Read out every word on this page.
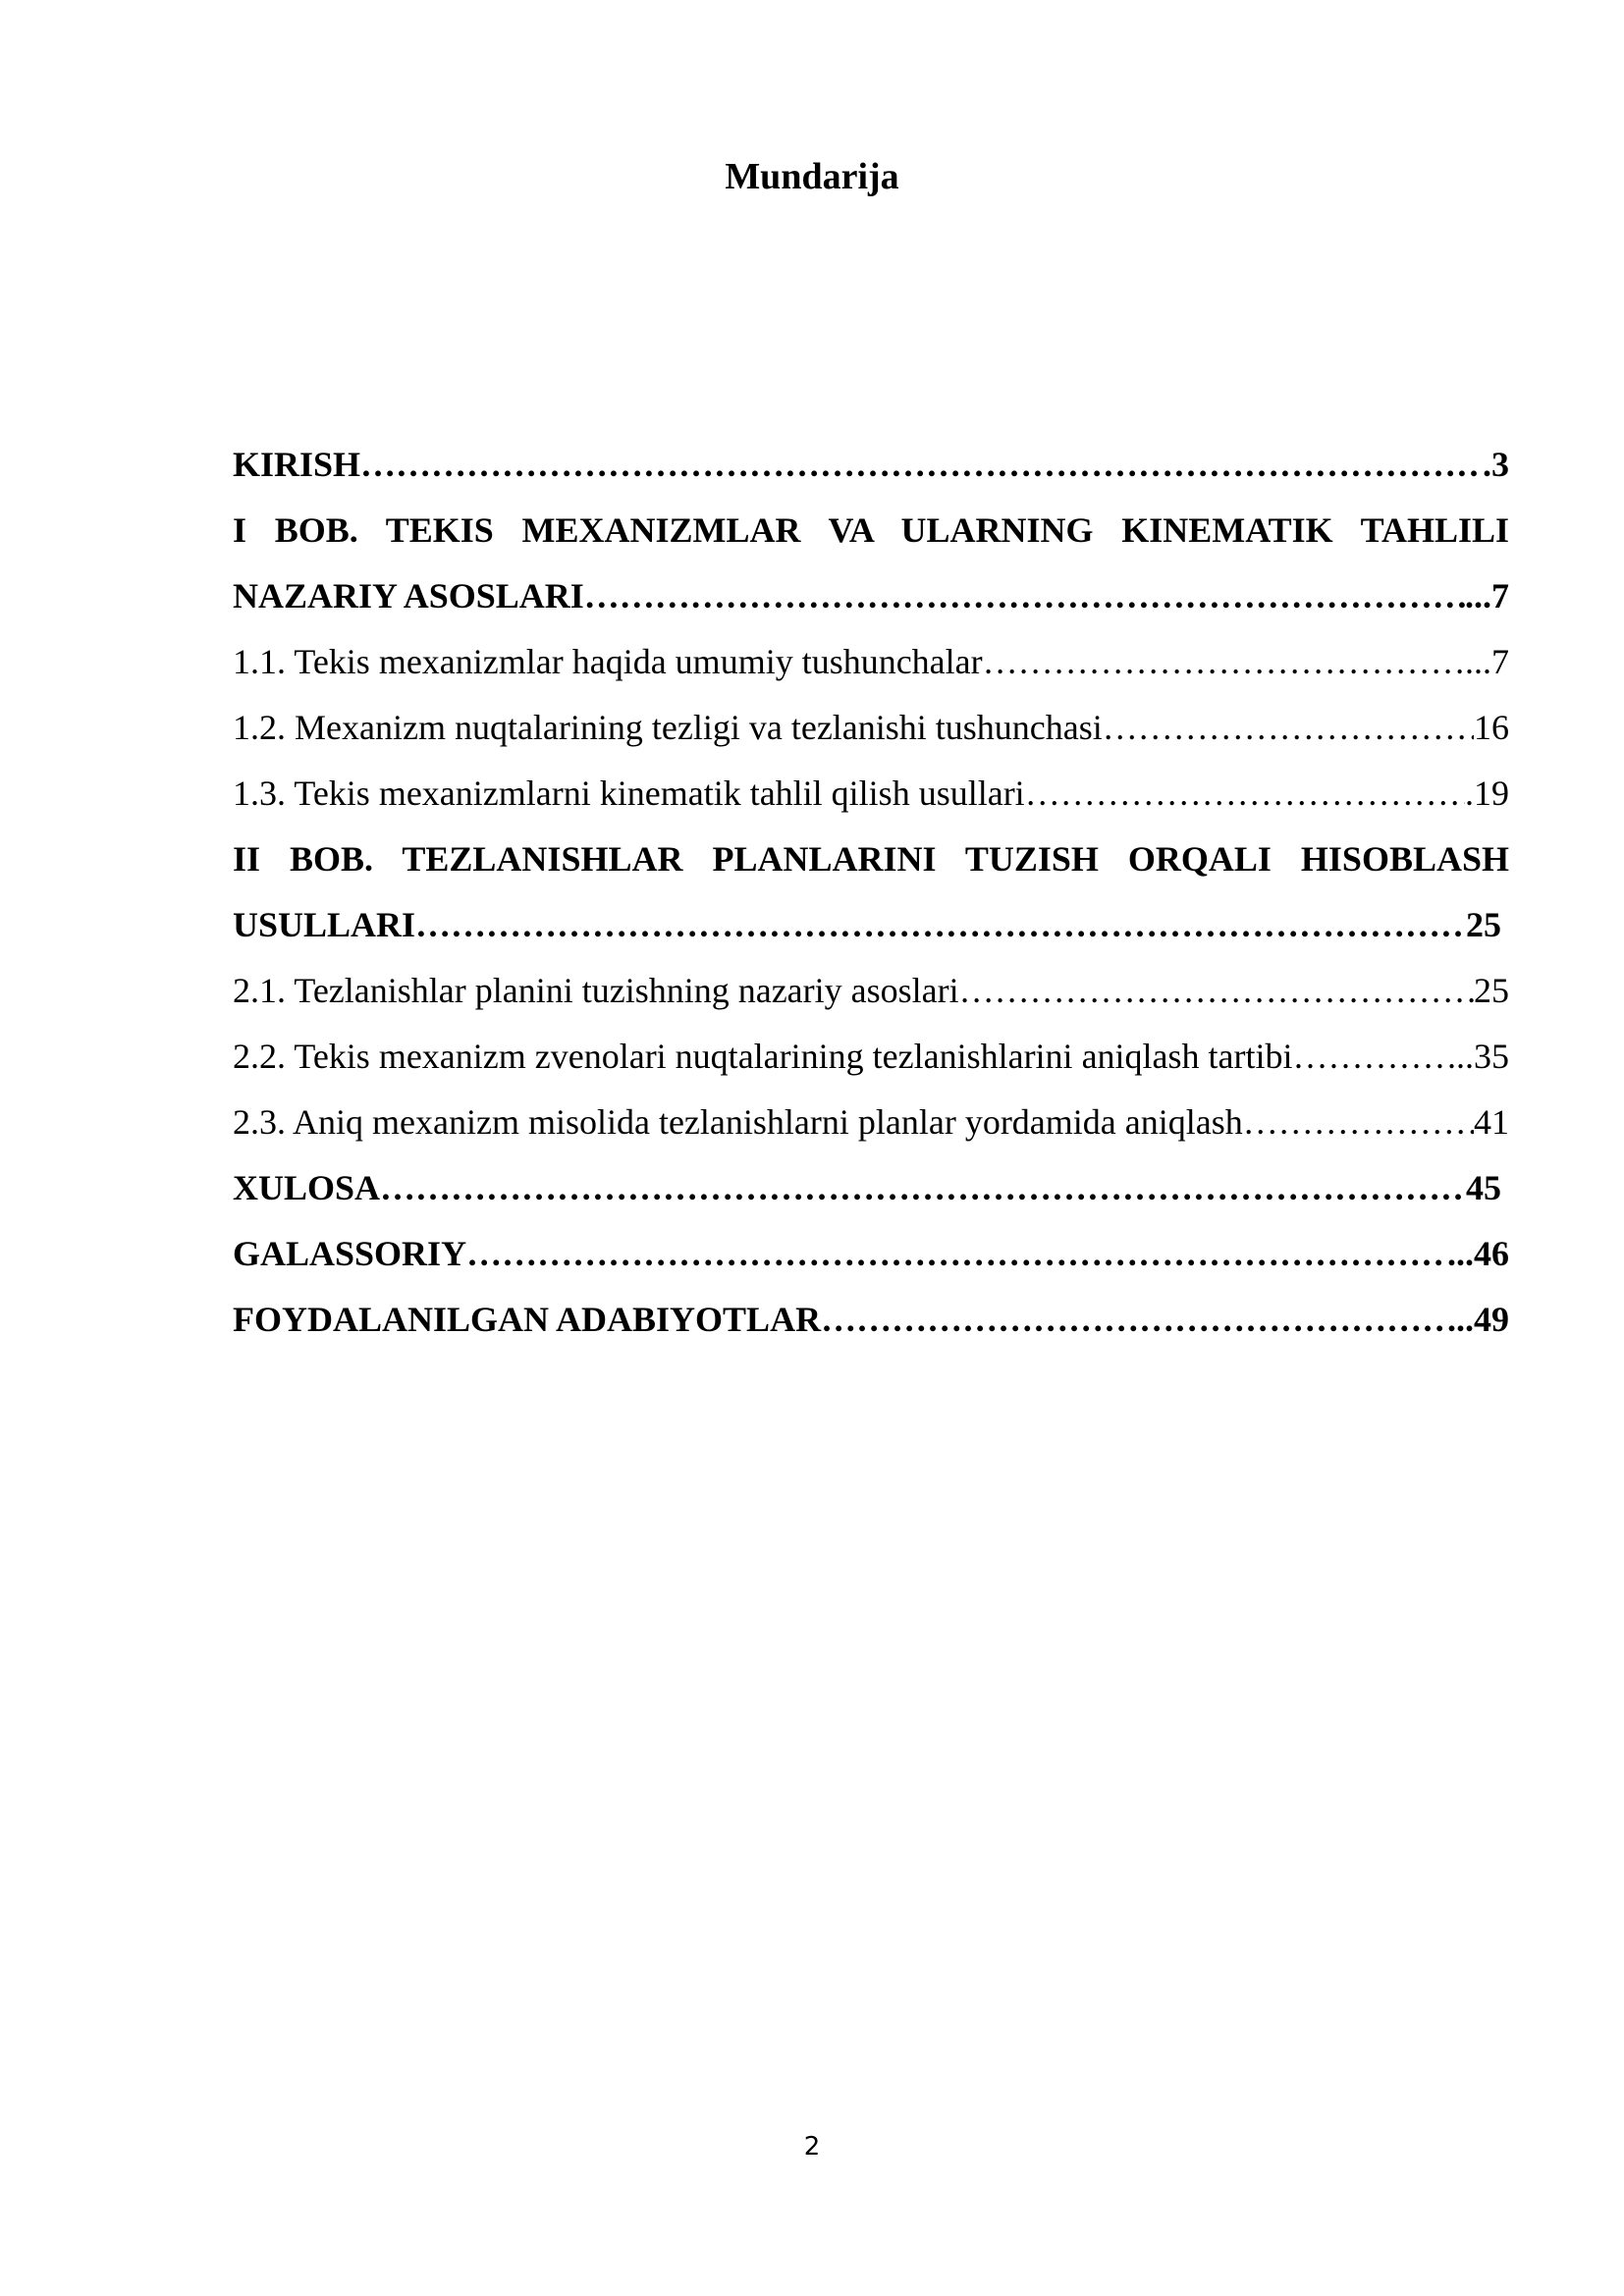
Mundarija
KIRISH ………………………………………………………………………………………………………………………………………………………………………………………………………………	.3
I BOB. TEKIS MEXANIZMLAR VA ULARNING KINEMATIK TAHLILI
NAZARIY ASOSLARI ………………………………………………………………………………………………………………………………………………………………………………………………………………	...7
1.1. Tekis mexanizmlar haqida umumiy tushunchalar ………………………………………………………………………………………………………………………………………………………………………………………………………………	...7
1.2. Mexanizm nuqtalarining tezligi va tezlanishi tushunchasi ………………………………………………………………………………………………………………………………………………………………………………………………………………	16
1.3. Tekis mexanizmlarni kinematik tahlil qilish usullari ………………………………………………………………………………………………………………………………………………………………………………………………………………	.19
II BOB. TEZLANISHLAR PLANLARINI TUZISH ORQALI HISOBLASH
USULLARI ………………………………………………………………………………………………………………………………………………………………………………………………………………	25
2.1. Tezlanishlar planini tuzishning nazariy asoslari ………………………………………………………………………………………………………………………………………………………………………………………………………………	25
2.2. Tekis mexanizm zvenolari nuqtalarining tezlanishlarini aniqlash tartibi ………………………………………………………………………………………………………………………………………………………………………………………………………………	...35
2.3. Aniq mexanizm misolida tezlanishlarni planlar yordamida aniqlash ………………………………………………………………………………………………………………………………………………………………………………………………………………	41
XULOSA ………………………………………………………………………………………………………………………………………………………………………………………………………………	45
GALASSORIY ………………………………………………………………………………………………………………………………………………………………………………………………………………	...46
FOYDALANILGAN ADABIYOTLAR ………………………………………………………………………………………………………………………………………………………………………………………………………………	...49
2
